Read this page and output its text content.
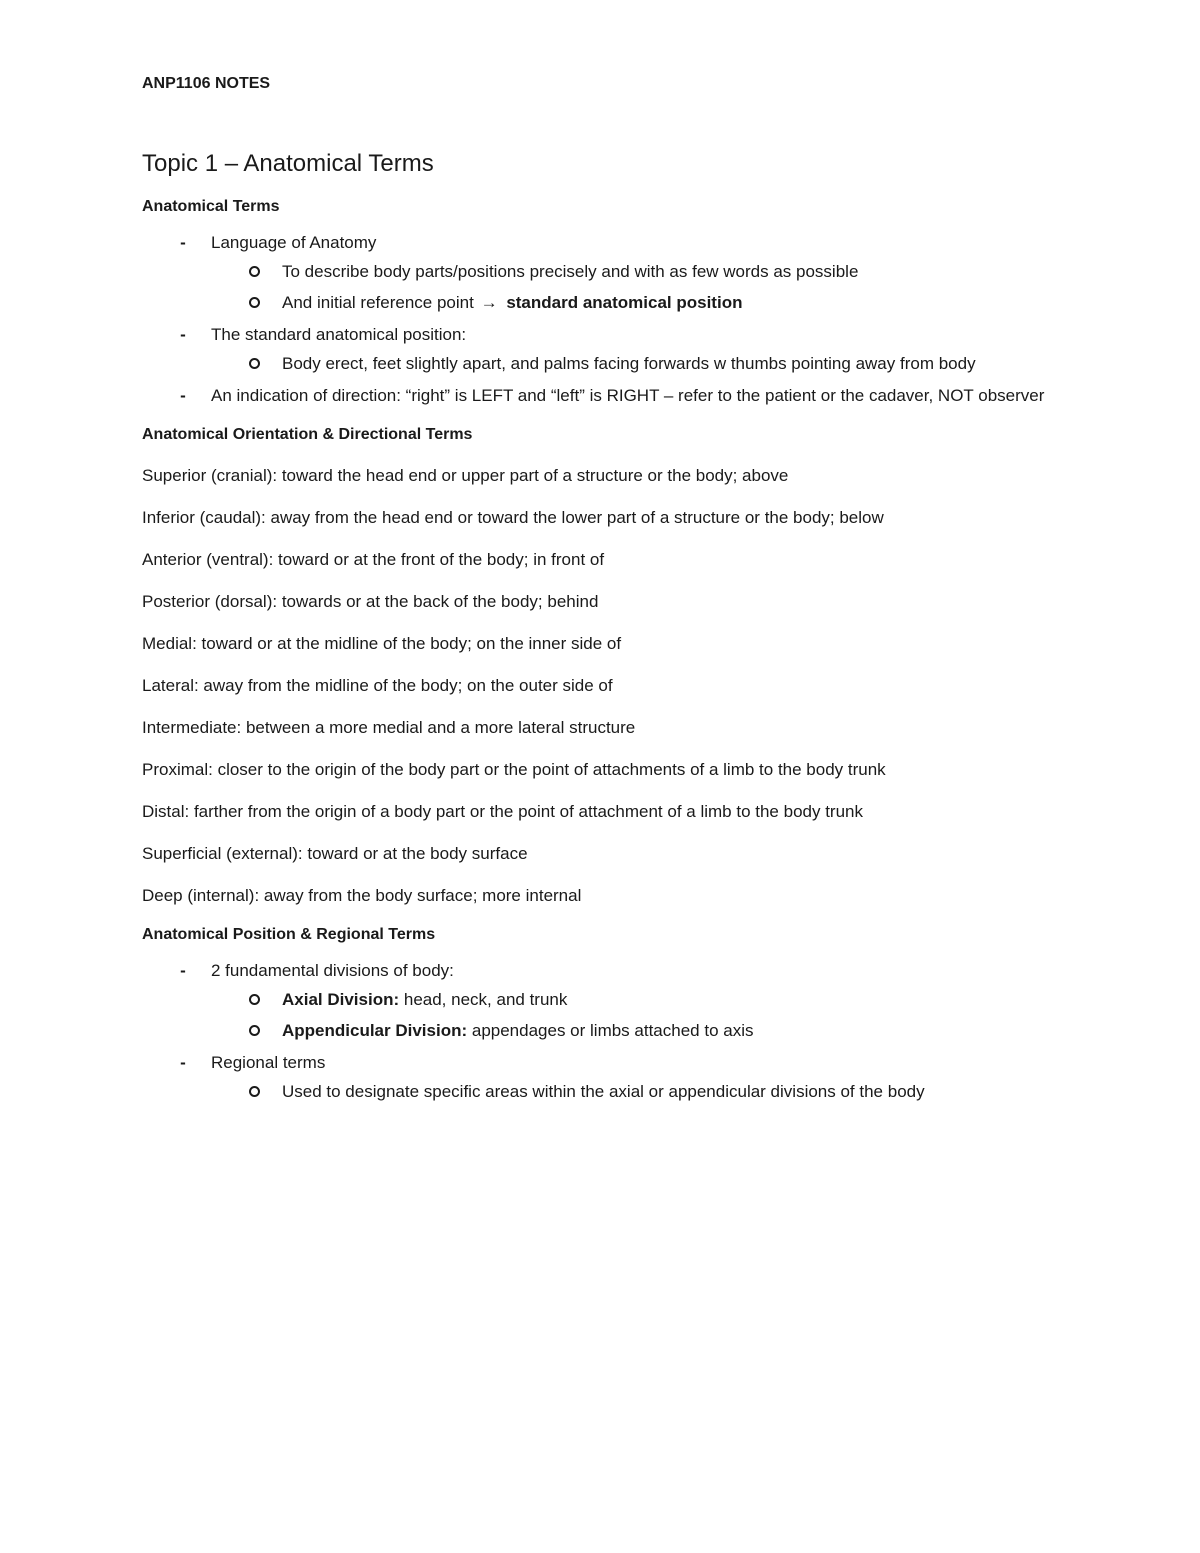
ANP1106 NOTES

Topic 1 – Anatomical Terms
Anatomical Terms
- Language of Anatomy
To describe body parts/positions precisely and with as few words as possible
And initial reference point → standard anatomical position
- The standard anatomical position:
Body erect, feet slightly apart, and palms facing forwards w thumbs pointing away from body
- An indication of direction: “right” is LEFT and “left” is RIGHT – refer to the patient or the cadaver, NOT observer
Anatomical Orientation & Directional Terms

Superior (cranial): toward the head end or upper part of a structure or the body; above

Inferior (caudal): away from the head end or toward the lower part of a structure or the body; below

Anterior (ventral): toward or at the front of the body; in front of

Posterior (dorsal): towards or at the back of the body; behind

Medial: toward or at the midline of the body; on the inner side of

Lateral: away from the midline of the body; on the outer side of

Intermediate: between a more medial and a more lateral structure

Proximal: closer to the origin of the body part or the point of attachments of a limb to the body trunk

Distal: farther from the origin of a body part or the point of attachment of a limb to the body trunk

Superficial (external): toward or at the body surface

Deep (internal): away from the body surface; more internal

Anatomical Position & Regional Terms
- 2 fundamental divisions of body:
Axial Division: head, neck, and trunk
Appendicular Division: appendages or limbs attached to axis
- Regional terms
Used to designate specific areas within the axial or appendicular divisions of the body
